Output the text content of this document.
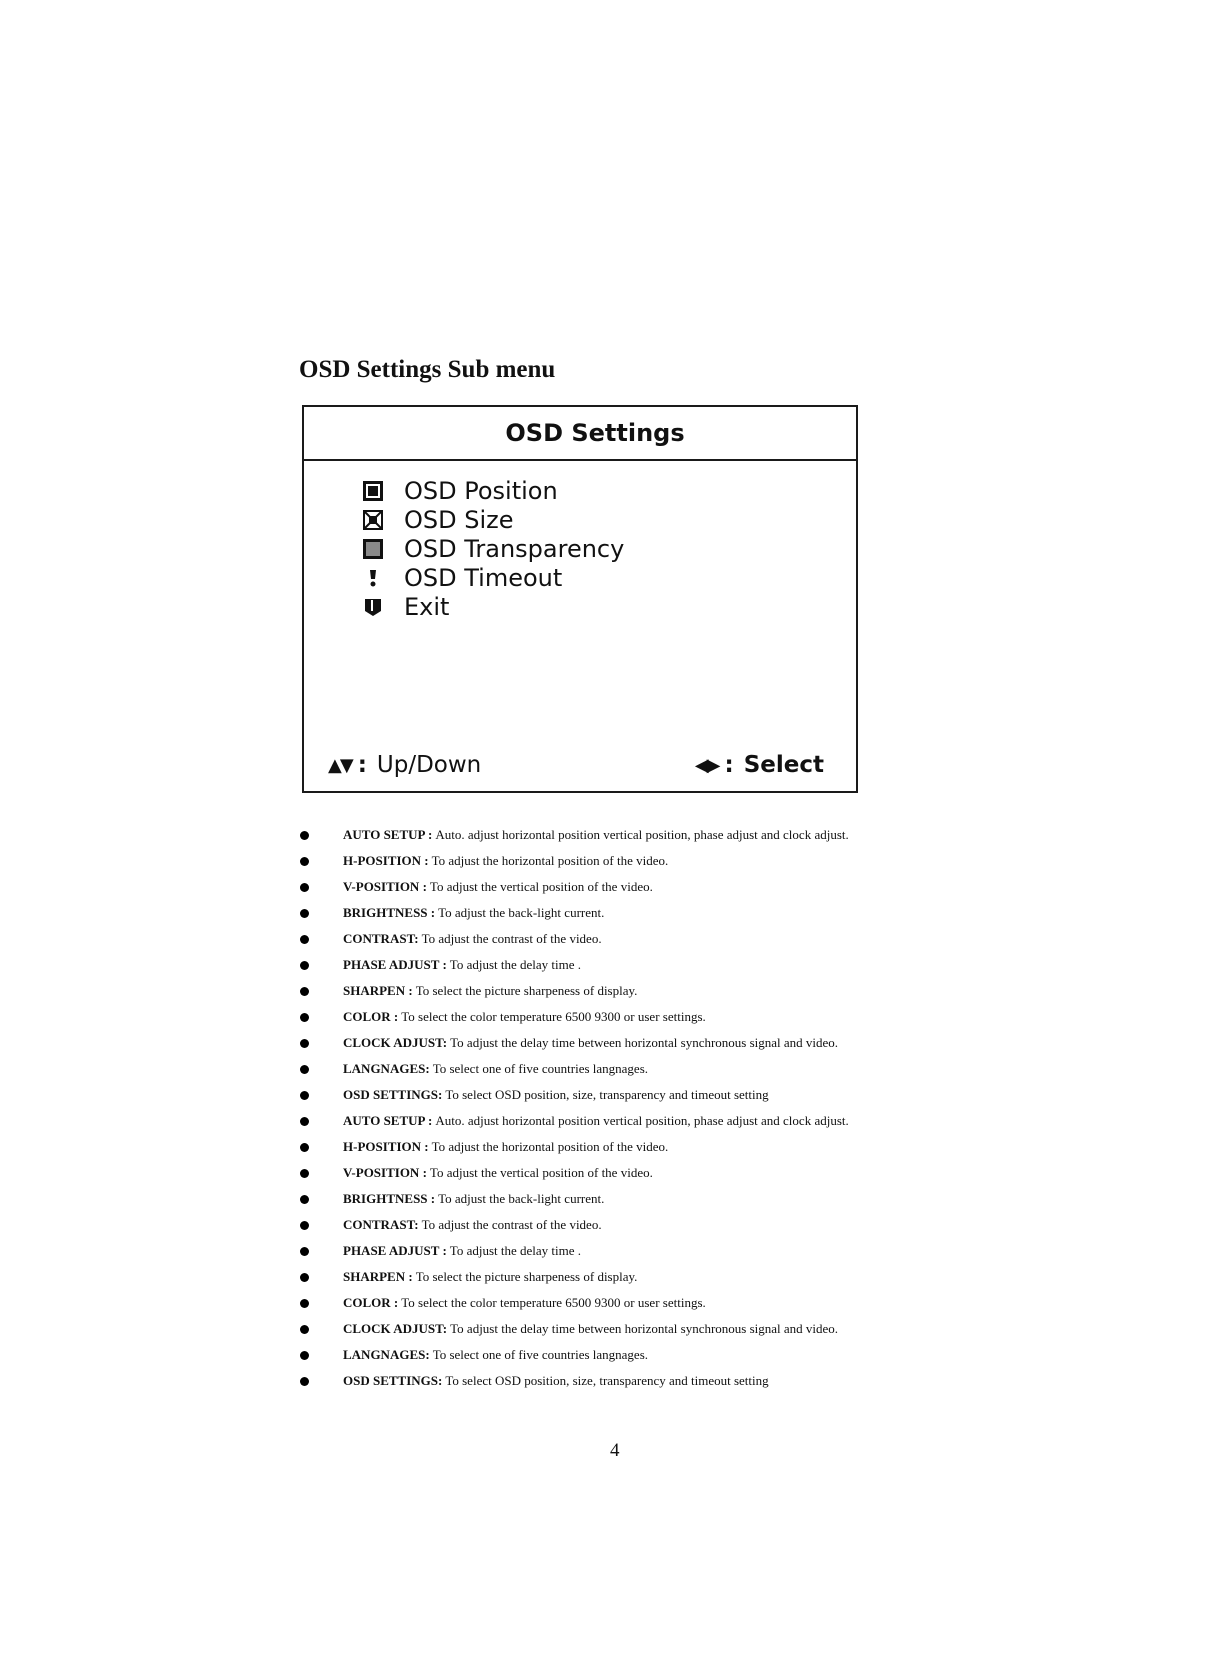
OSD Settings Sub menu
OSD Settings
OSD Position
OSD Size
OSD Transparency
OSD Timeout
Exit
▲▼ : Up/Down	◀▶ : Select
AUTO SETUP : Auto. adjust horizontal position vertical position, phase adjust and clock adjust.
H-POSITION : To adjust the horizontal position of the video.
V-POSITION : To adjust the vertical position of the video.
BRIGHTNESS : To adjust the back-light current.
CONTRAST: To adjust the contrast of the video.
PHASE ADJUST : To adjust the delay time .
SHARPEN : To select the picture sharpeness of display.
COLOR : To select the color temperature 6500 9300 or user settings.
CLOCK ADJUST: To adjust the delay time between horizontal synchronous signal and video.
LANGNAGES: To select one of five countries langnages.
OSD SETTINGS: To select OSD position, size, transparency and timeout setting
AUTO SETUP : Auto. adjust horizontal position vertical position, phase adjust and clock adjust.
H-POSITION : To adjust the horizontal position of the video.
V-POSITION : To adjust the vertical position of the video.
BRIGHTNESS : To adjust the back-light current.
CONTRAST: To adjust the contrast of the video.
PHASE ADJUST : To adjust the delay time .
SHARPEN : To select the picture sharpeness of display.
COLOR : To select the color temperature 6500 9300 or user settings.
CLOCK ADJUST: To adjust the delay time between horizontal synchronous signal and video.
LANGNAGES: To select one of five countries langnages.
OSD SETTINGS: To select OSD position, size, transparency and timeout setting
4
